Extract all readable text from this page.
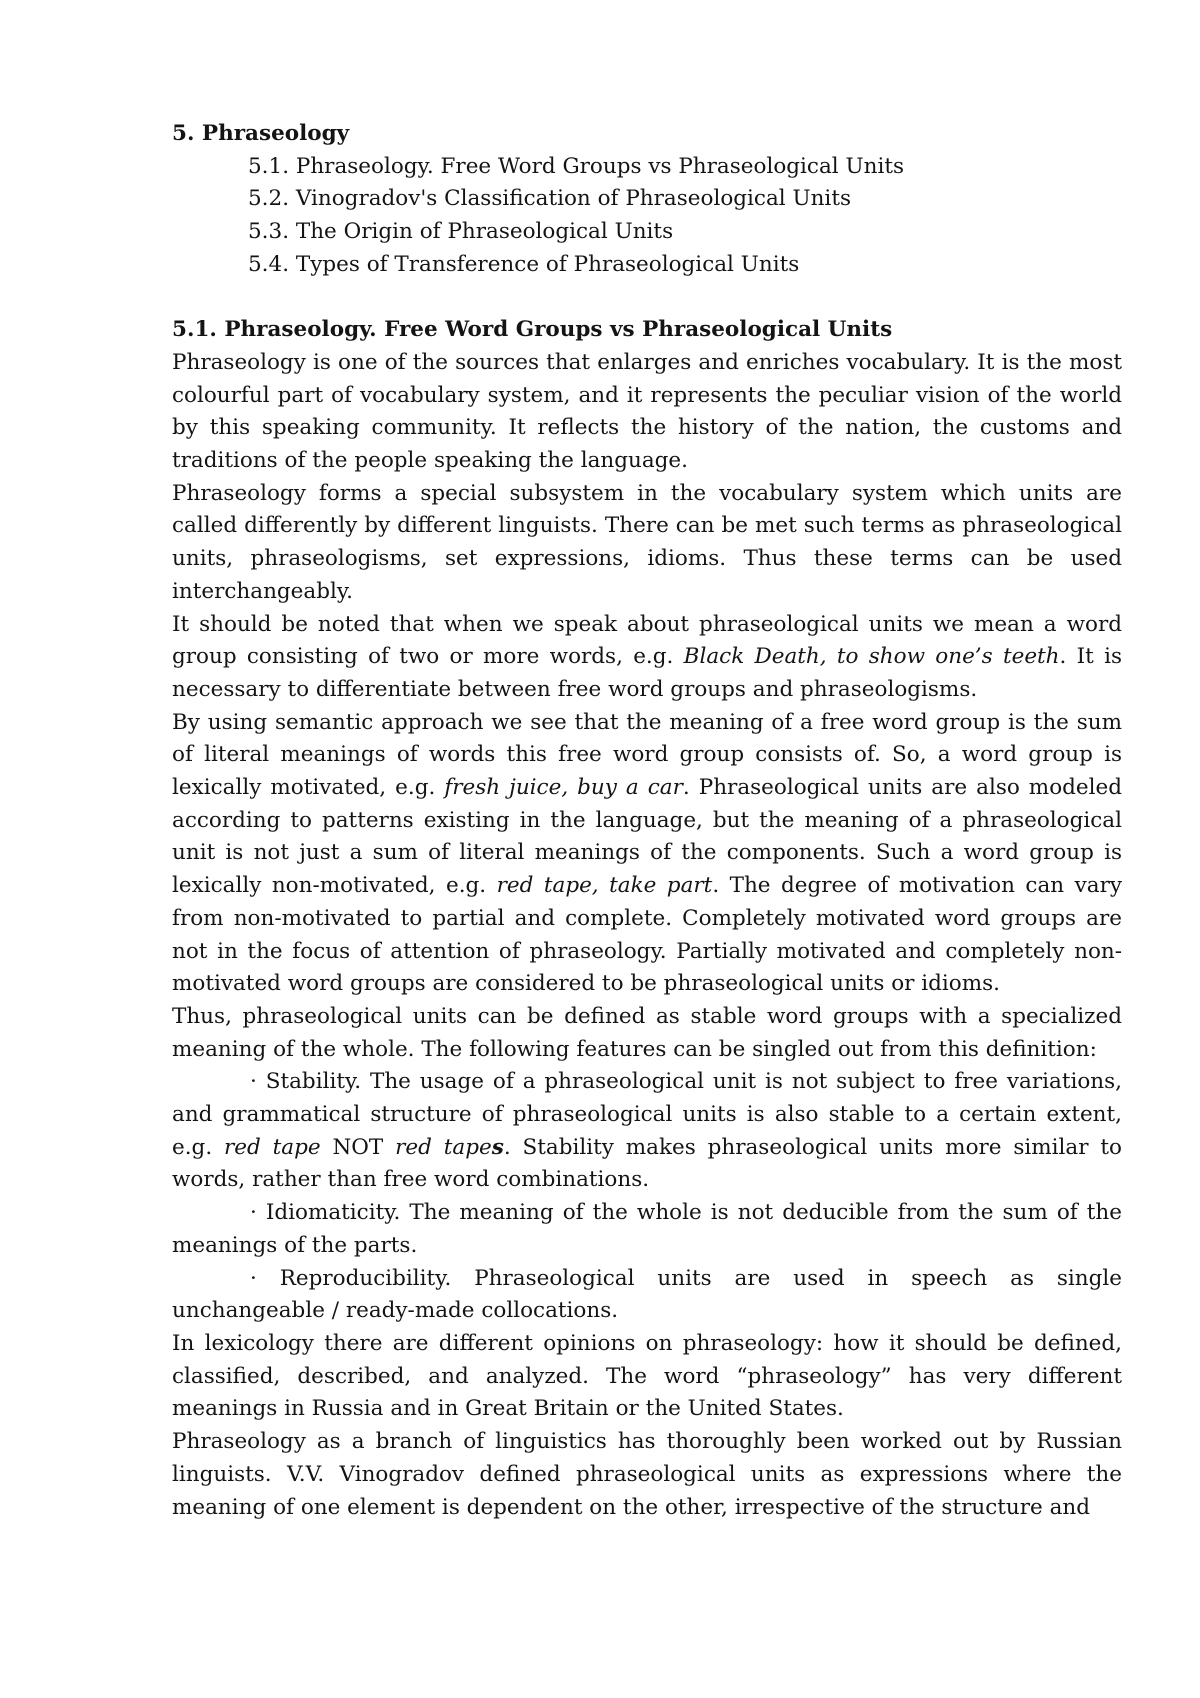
5. Phraseology

5.1. Phraseology. Free Word Groups vs Phraseological Units
5.2. Vinogradov's Classification of Phraseological Units
5.3. The Origin of Phraseological Units
5.4. Types of Transference of Phraseological Units

5.1. Phraseology. Free Word Groups vs Phraseological Units

Phraseology is one of the sources that enlarges and enriches vocabulary. It is the most colourful part of vocabulary system, and it represents the peculiar vision of the world by this speaking community. It reflects the history of the nation, the customs and traditions of the people speaking the language.

Phraseology forms a special subsystem in the vocabulary system which units are called differently by different linguists. There can be met such terms as phraseological units, phraseologisms, set expressions, idioms. Thus these terms can be used interchangeably.

It should be noted that when we speak about phraseological units we mean a word group consisting of two or more words, e.g. Black Death, to show one’s teeth. It is necessary to differentiate between free word groups and phraseologisms.

By using semantic approach we see that the meaning of a free word group is the sum of literal meanings of words this free word group consists of. So, a word group is lexically motivated, e.g. fresh juice, buy a car. Phraseological units are also modeled according to patterns existing in the language, but the meaning of a phraseological unit is not just a sum of literal meanings of the components. Such a word group is lexically non-motivated, e.g. red tape, take part. The degree of motivation can vary from non-motivated to partial and complete. Completely motivated word groups are not in the focus of attention of phraseology. Partially motivated and completely non-motivated word groups are considered to be phraseological units or idioms.

Thus, phraseological units can be defined as stable word groups with a specialized meaning of the whole. The following features can be singled out from this definition:

· Stability. The usage of a phraseological unit is not subject to free variations, and grammatical structure of phraseological units is also stable to a certain extent, e.g. red tape NOT red tapes. Stability makes phraseological units more similar to words, rather than free word combinations.

· Idiomaticity. The meaning of the whole is not deducible from the sum of the meanings of the parts.

· Reproducibility. Phraseological units are used in speech as single unchangeable / ready-made collocations.

In lexicology there are different opinions on phraseology: how it should be defined, classified, described, and analyzed. The word “phraseology” has very different meanings in Russia and in Great Britain or the United States.

Phraseology as a branch of linguistics has thoroughly been worked out by Russian linguists. V.V. Vinogradov defined phraseological units as expressions where the meaning of one element is dependent on the other, irrespective of the structure and
